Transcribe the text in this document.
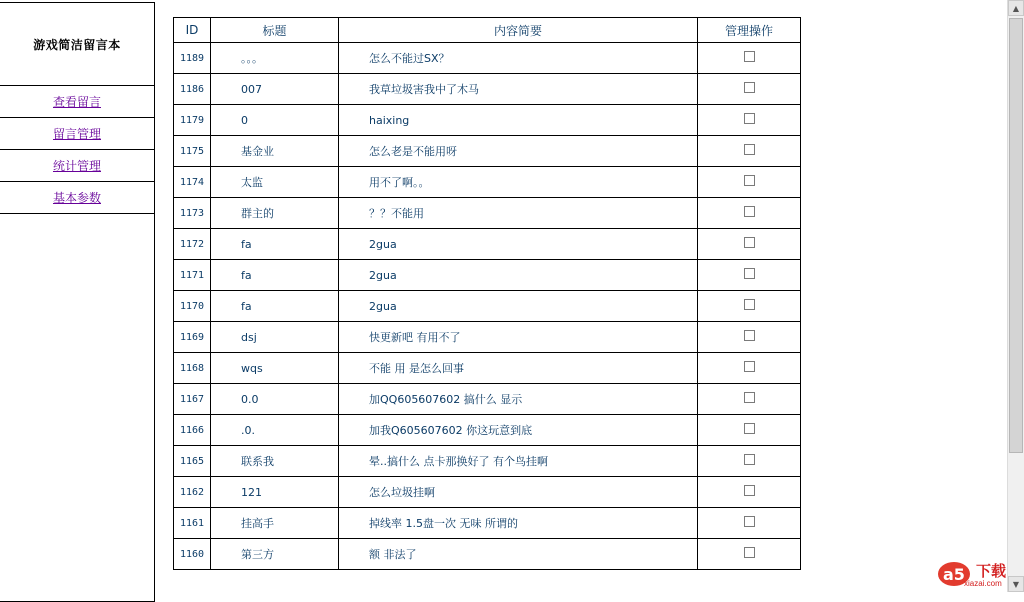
游戏简洁留言本
查看留言
留言管理
统计管理
基本参数
ID	标题	内容简要	管理操作
1189	。。。	怎么不能过SX？	
1186	007	我草垃圾害我中了木马	
1179	0	haixing	
1175	基金业	怎么老是不能用呀	
1174	太监	用不了啊。。	
1173	群主的	？？不能用	
1172	fa	2gua	
1171	fa	2gua	
1170	fa	2gua	
1169	dsj	快更新吧 有用不了	
1168	wqs	不能 用 是怎么回事	
1167	0.0	加QQ605607602 搞什么 显示	
1166	.0.	加我Q605607602 你这玩意到底	
1165	联系我	晕..搞什么 点卡那换好了 有个鸟挂啊	
1162	121	怎么垃圾挂啊	
1161	挂高手	掉线率 1.5盘一次 无味 所谓的	
1160	第三方	额 非法了	
▲
▼
a5 下载
xiazai.com
